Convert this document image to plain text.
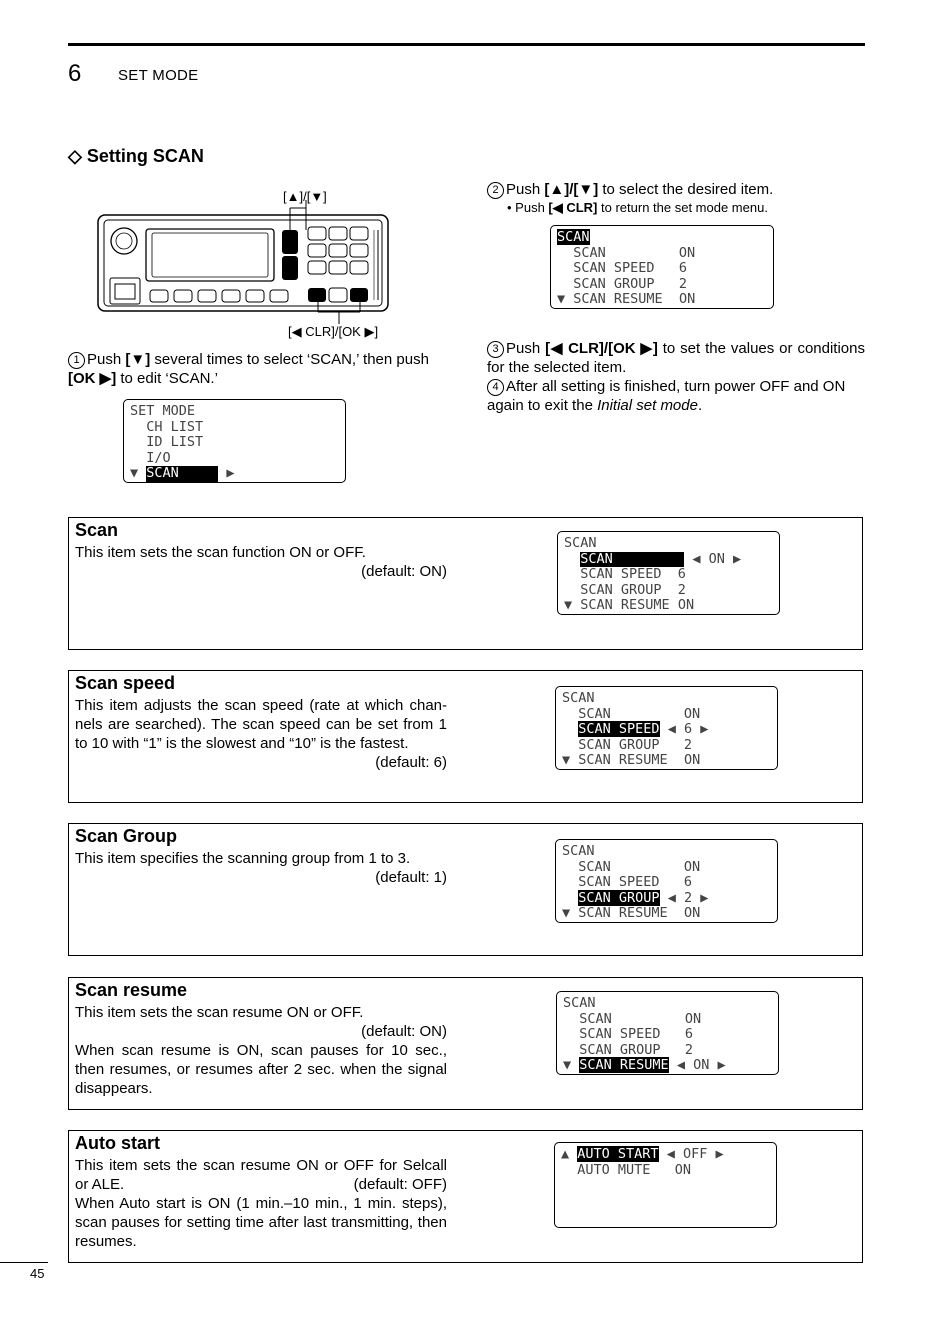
6 SET MODE
◇ Setting SCAN
[▲]/[▼]
[◀ CLR]/[OK ▶]
1 Push [▼] several times to select ‘SCAN,’ then push [OK ▶] to edit ‘SCAN.’
SET MODE
CH LIST
ID LIST
I/O
▼ SCAN	▶
2 Push [▲]/[▼] to select the desired item.
• Push [◀ CLR] to return the set mode menu.
SCAN
SCAN         ON
SCAN SPEED   6
SCAN GROUP   2
▼ SCAN RESUME  ON
3 Push [◀ CLR]/[OK ▶] to set the values or conditions for the selected item.
4 After all setting is finished, turn power OFF and ON again to exit the Initial set mode.
Scan

This item sets the scan function ON or OFF.

(default: ON)

SCAN
SCAN	◀ ON ▶
SCAN SPEED  6
SCAN GROUP  2
▼ SCAN RESUME ON
Scan speed

This item adjusts the scan speed (rate at which channels are searched). The scan speed can be set from 1 to 10 with “1” is the slowest and “10” is the fastest.

(default: 6)

SCAN
SCAN         ON
SCAN SPEED ◀ 6 ▶
SCAN GROUP   2
▼ SCAN RESUME  ON
Scan Group

This item specifies the scanning group from 1 to 3.

(default: 1)

SCAN
SCAN         ON
SCAN SPEED   6
SCAN GROUP ◀ 2 ▶
▼ SCAN RESUME  ON
Scan resume

This item sets the scan resume ON or OFF.

(default: ON)

When scan resume is ON, scan pauses for 10 sec., then resumes, or resumes after 2 sec. when the signal disappears.

SCAN
SCAN         ON
SCAN SPEED   6
SCAN GROUP   2
▼ SCAN RESUME ◀ ON ▶
Auto start

This item sets the scan resume ON or OFF for Selcall or ALE.	(default: OFF)

When Auto start is ON (1 min.–10 min., 1 min. steps), scan pauses for setting time after last transmitting, then resumes.

▲ AUTO START ◀ OFF ▶
AUTO MUTE   ON
45
